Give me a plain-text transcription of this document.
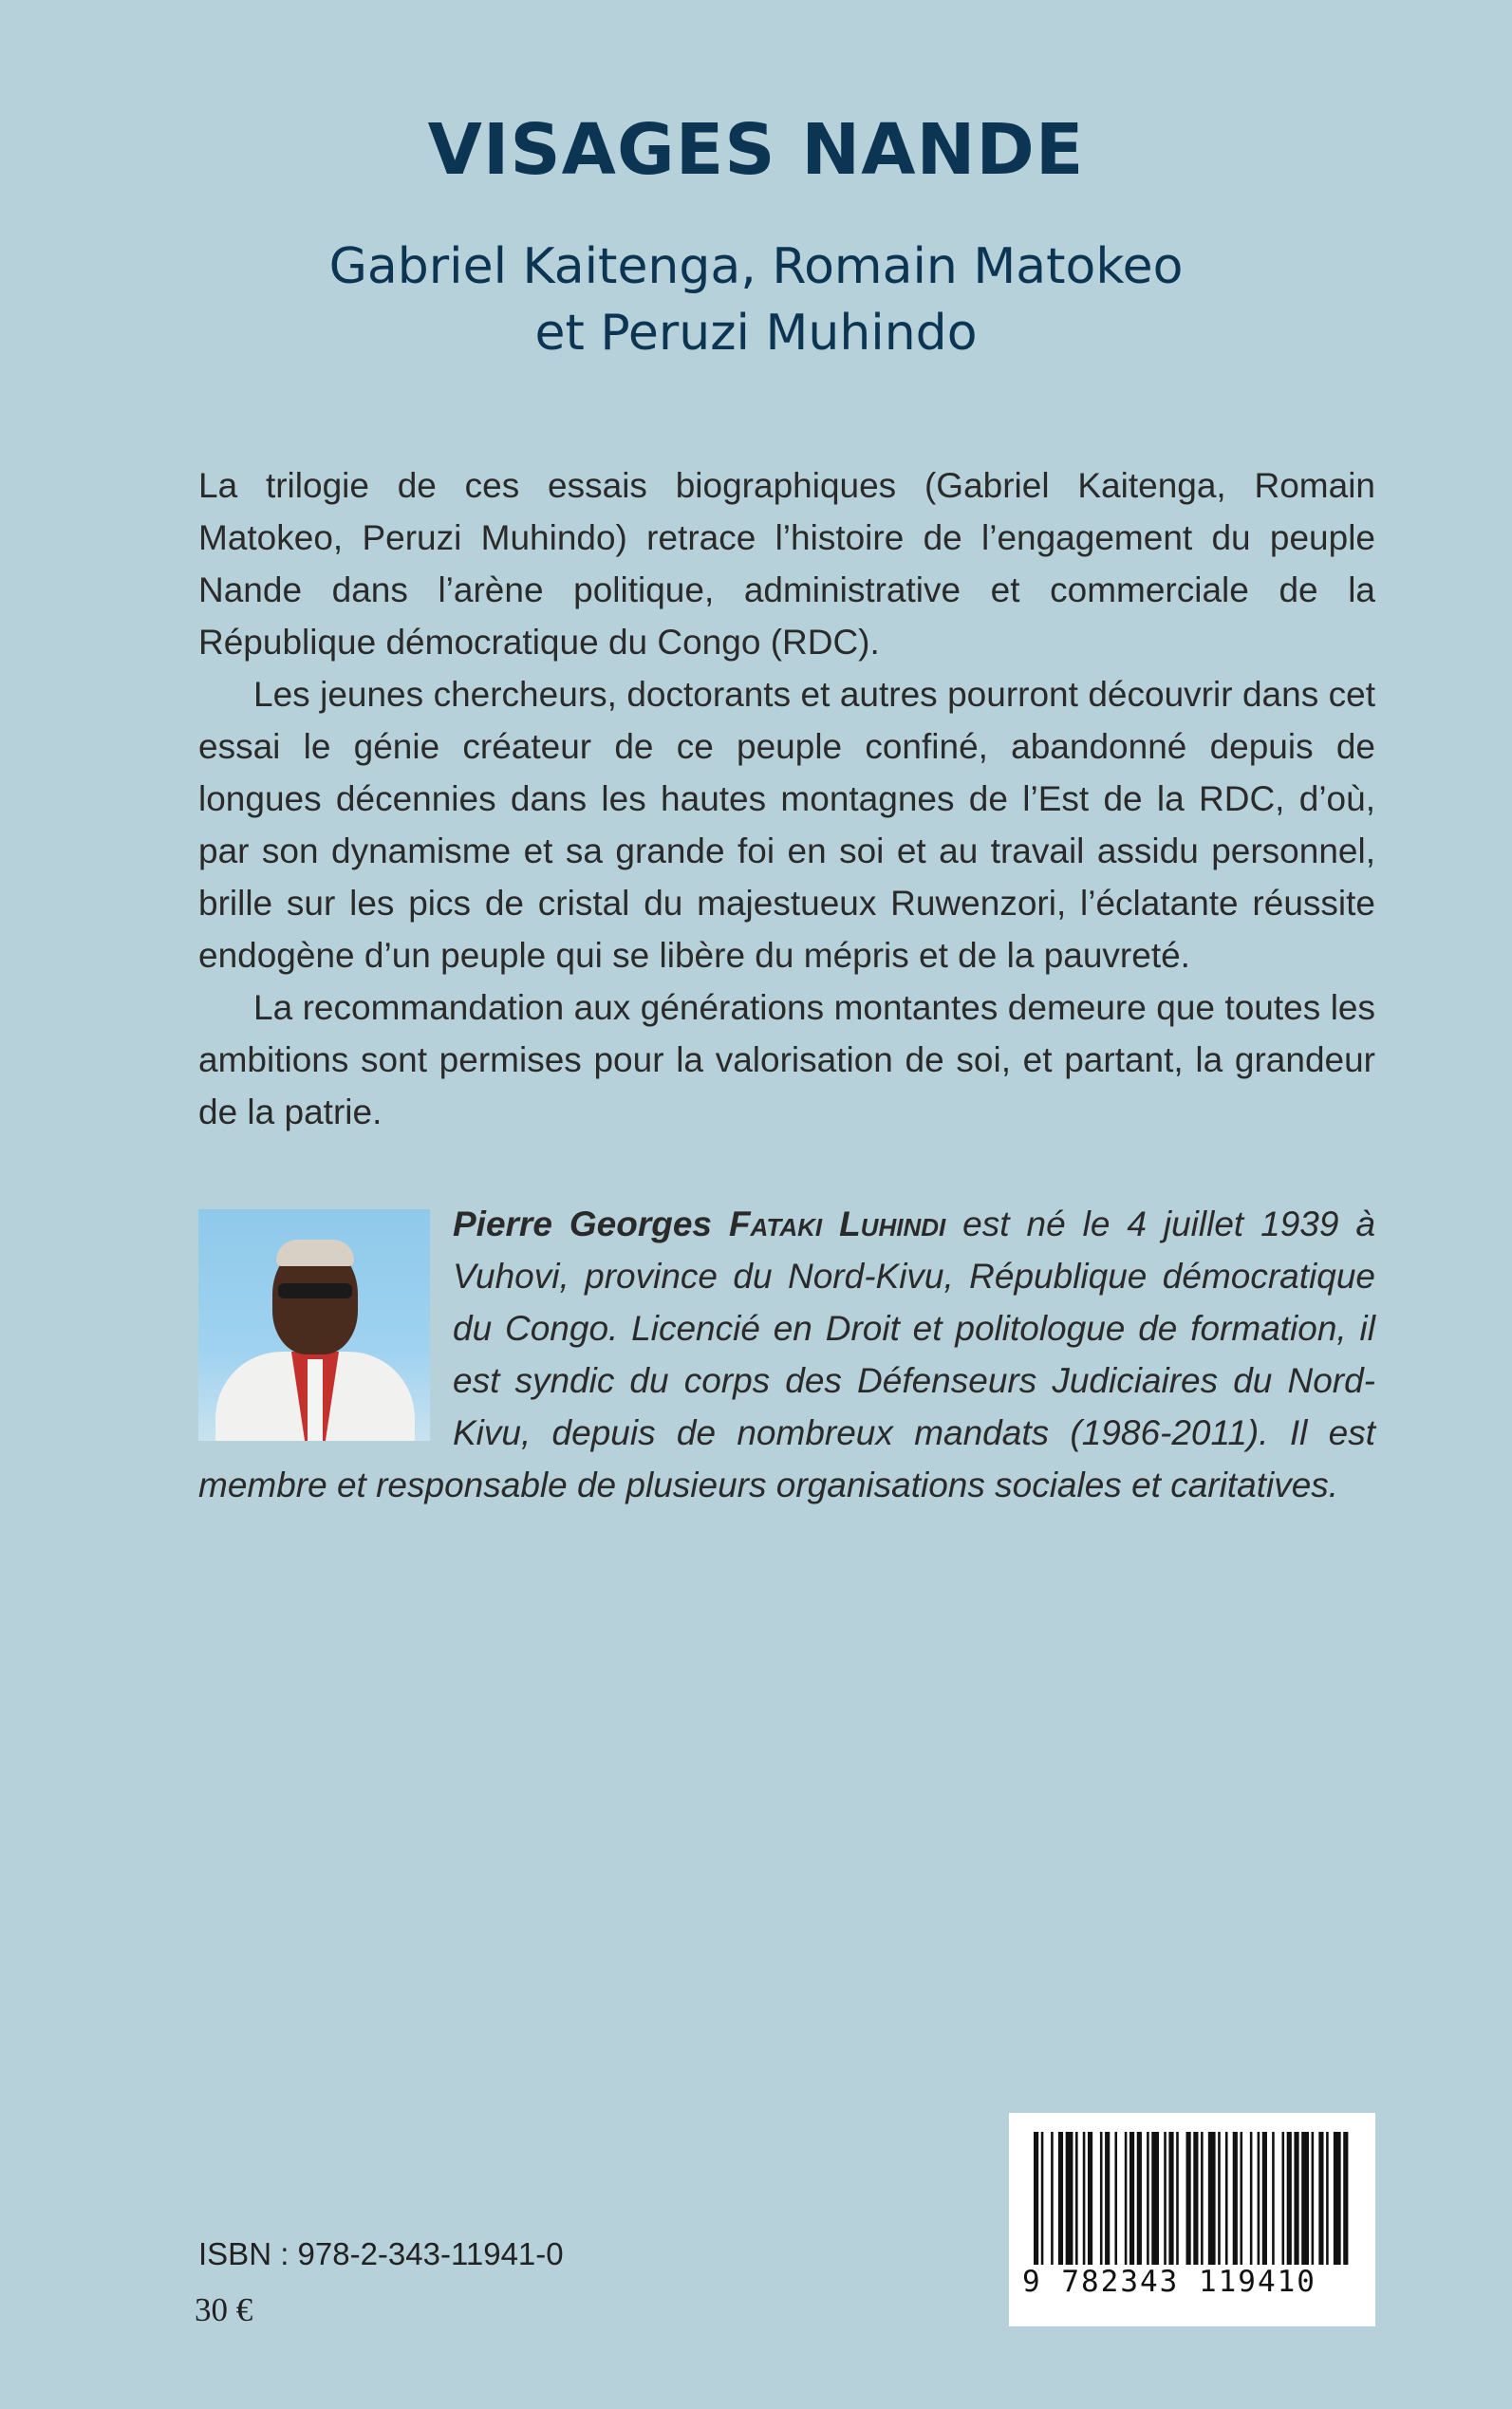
VISAGES NANDE
Gabriel Kaitenga, Romain Matokeo
et Peruzi Muhindo

La trilogie de ces essais biographiques (Gabriel Kaitenga, Romain Matokeo, Peruzi Muhindo) retrace l’histoire de l’engagement du peuple Nande dans l’arène politique, administrative et commerciale de la République démocratique du Congo (RDC).

Les jeunes chercheurs, doctorants et autres pourront découvrir dans cet essai le génie créateur de ce peuple confiné, abandonné depuis de longues décennies dans les hautes montagnes de l’Est de la RDC, d’où, par son dynamisme et sa grande foi en soi et au travail assidu personnel, brille sur les pics de cristal du majestueux Ruwenzori, l’éclatante réussite endogène d’un peuple qui se libère du mépris et de la pauvreté.

La recommandation aux générations montantes demeure que toutes les ambitions sont permises pour la valorisation de soi, et partant, la grandeur de la patrie.

Pierre Georges Fataki Luhindi est né le 4 juillet 1939 à Vuhovi, province du Nord-Kivu, République démocratique du Congo. Licencié en Droit et politologue de formation, il est syndic du corps des Défenseurs Judiciaires du Nord-Kivu, depuis de nombreux mandats (1986-2011). Il est membre et responsable de plusieurs organisations sociales et caritatives.
9 782343 119410
ISBN : 978-2-343-11941-0
30 €
